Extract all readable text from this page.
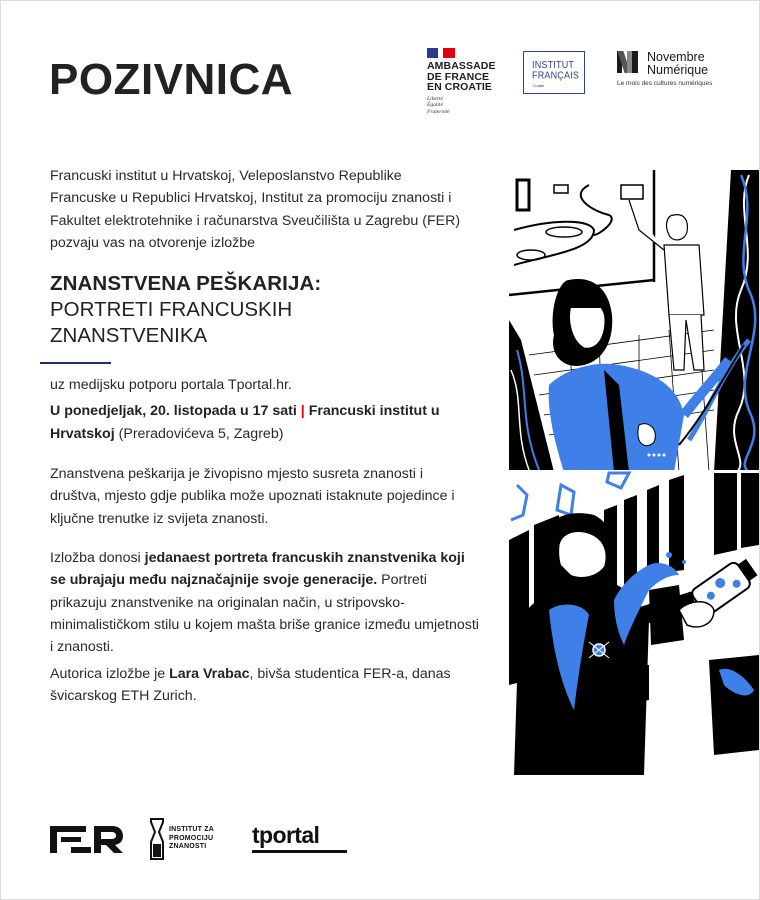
POZIVNICA	AMBASSADE
DE FRANCE
EN CROATIE
Liberté
Égalité
Fraternité
INSTITUT
FRANÇAIS
Croatie
Novembre
Numérique
Le mois des cultures numériques
Francuski institut u Hrvatskoj, Veleposlanstvo Republike Francuske u Republici Hrvatskoj, Institut za promociju znanosti i Fakultet elektrotehnike i računarstva Sveučilišta u Zagrebu (FER) pozvaju vas na otvorenje izložbe
ZNANSTVENA PEŠKARIJA:
PORTRETI FRANCUSKIH
ZNANSTVENIKA
uz medijsku potporu portala Tportal.hr.
U ponedjeljak, 20. listopada u 17 sati | Francuski institut u Hrvatskoj (Preradovićeva 5, Zagreb)
Znanstvena peškarija je živopisno mjesto susreta znanosti i društva, mjesto gdje publika može upoznati istaknute pojedince i ključne trenutke iz svijeta znanosti.
Izložba donosi jedanaest portreta francuskih znanstvenika koji se ubrajaju među najznačajnije svoje generacije. Portreti prikazuju znanstvenike na originalan način, u stripovsko-minimalističkom stilu u kojem mašta briše granice između umjetnosti i znanosti.
Autorica izložbe je Lara Vrabac, bivša studentica FER-a, danas švicarskog ETH Zurich.
INSTITUT ZA
PROMOCIJU
ZNANOSTI	tportal
